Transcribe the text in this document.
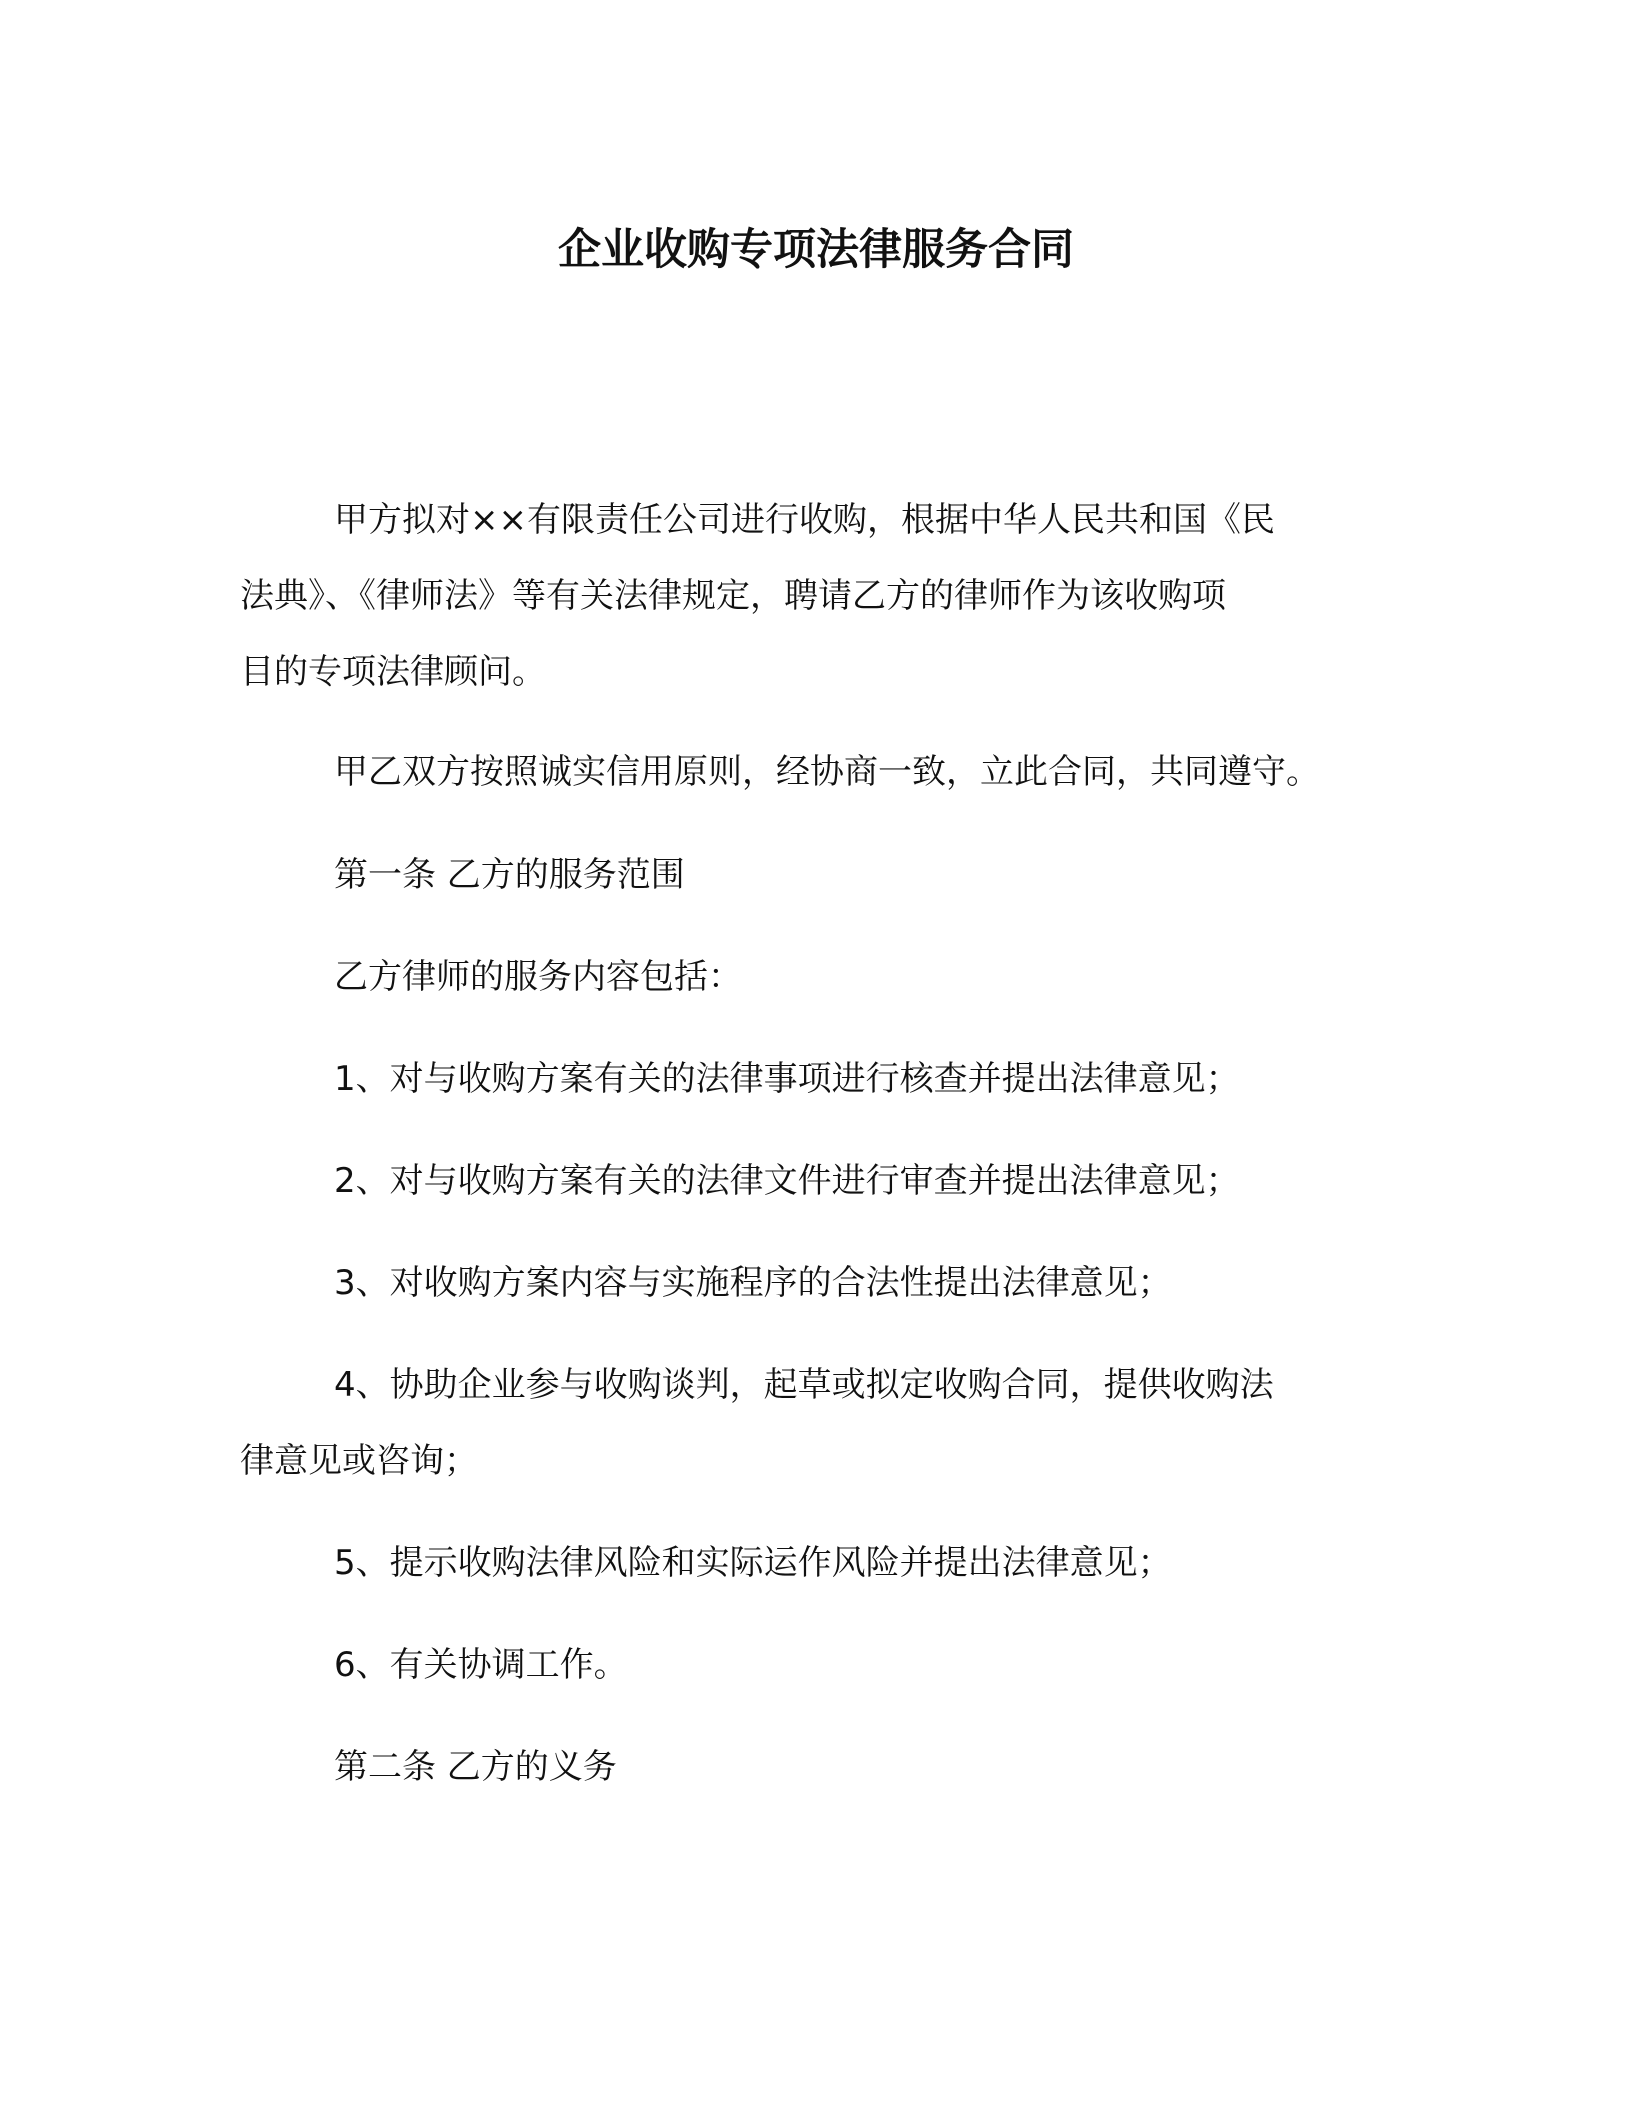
企业收购专项法律服务合同
甲方拟对××有限责任公司进行收购，根据中华人民共和国《民
法典》、《律师法》等有关法律规定，聘请乙方的律师作为该收购项
目的专项法律顾问。
甲乙双方按照诚实信用原则，经协商一致，立此合同，共同遵守。
第一条 乙方的服务范围
乙方律师的服务内容包括：
1、对与收购方案有关的法律事项进行核查并提出法律意见；
2、对与收购方案有关的法律文件进行审查并提出法律意见；
3、对收购方案内容与实施程序的合法性提出法律意见；
4、协助企业参与收购谈判，起草或拟定收购合同，提供收购法
律意见或咨询；
5、提示收购法律风险和实际运作风险并提出法律意见；
6、有关协调工作。
第二条 乙方的义务
